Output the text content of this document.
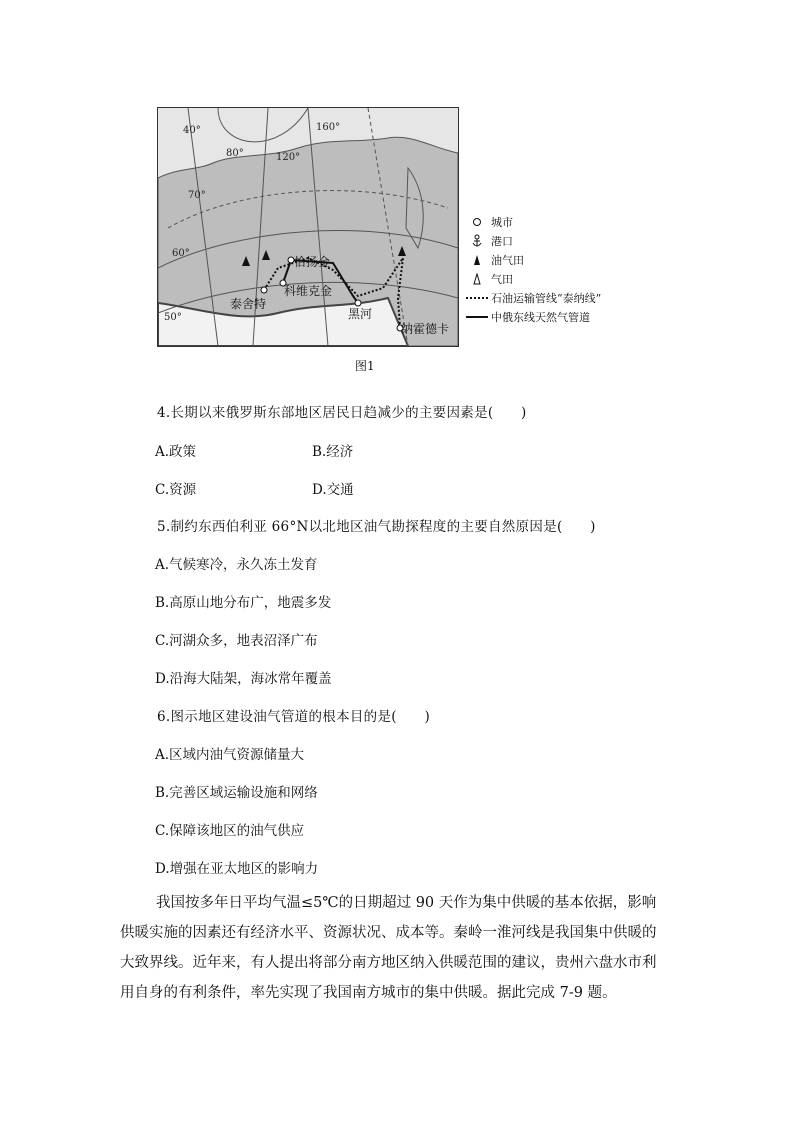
40°
80°	120°
160°
70°
60°
50°
恰扬金
科维克金
泰舍特
黑河
纳霍德卡
城市
港口
油气田
气田
石油运输管线“泰纳线”
中俄东线天然气管道
图1
4.长期以来俄罗斯东部地区居民日趋减少的主要因素是(　　)
A.政策	B.经济
C.资源	D.交通
5.制约东西伯利亚 66°N以北地区油气勘探程度的主要自然原因是(　　)
A.气候寒冷，永久冻土发育
B.高原山地分布广，地震多发
C.河湖众多，地表沼泽广布
D.沿海大陆架，海冰常年覆盖
6.图示地区建设油气管道的根本目的是(　　)
A.区域内油气资源储量大
B.完善区域运输设施和网络
C.保障该地区的油气供应
D.增强在亚太地区的影响力

我国按多年日平均气温≤5℃的日期超过 90 天作为集中供暖的基本依据，影响

供暖实施的因素还有经济水平、资源状况、成本等。秦岭一淮河线是我国集中供暖的

大致界线。近年来，有人提出将部分南方地区纳入供暖范围的建议，贵州六盘水市利

用自身的有利条件，率先实现了我国南方城市的集中供暖。据此完成 7-9 题。
